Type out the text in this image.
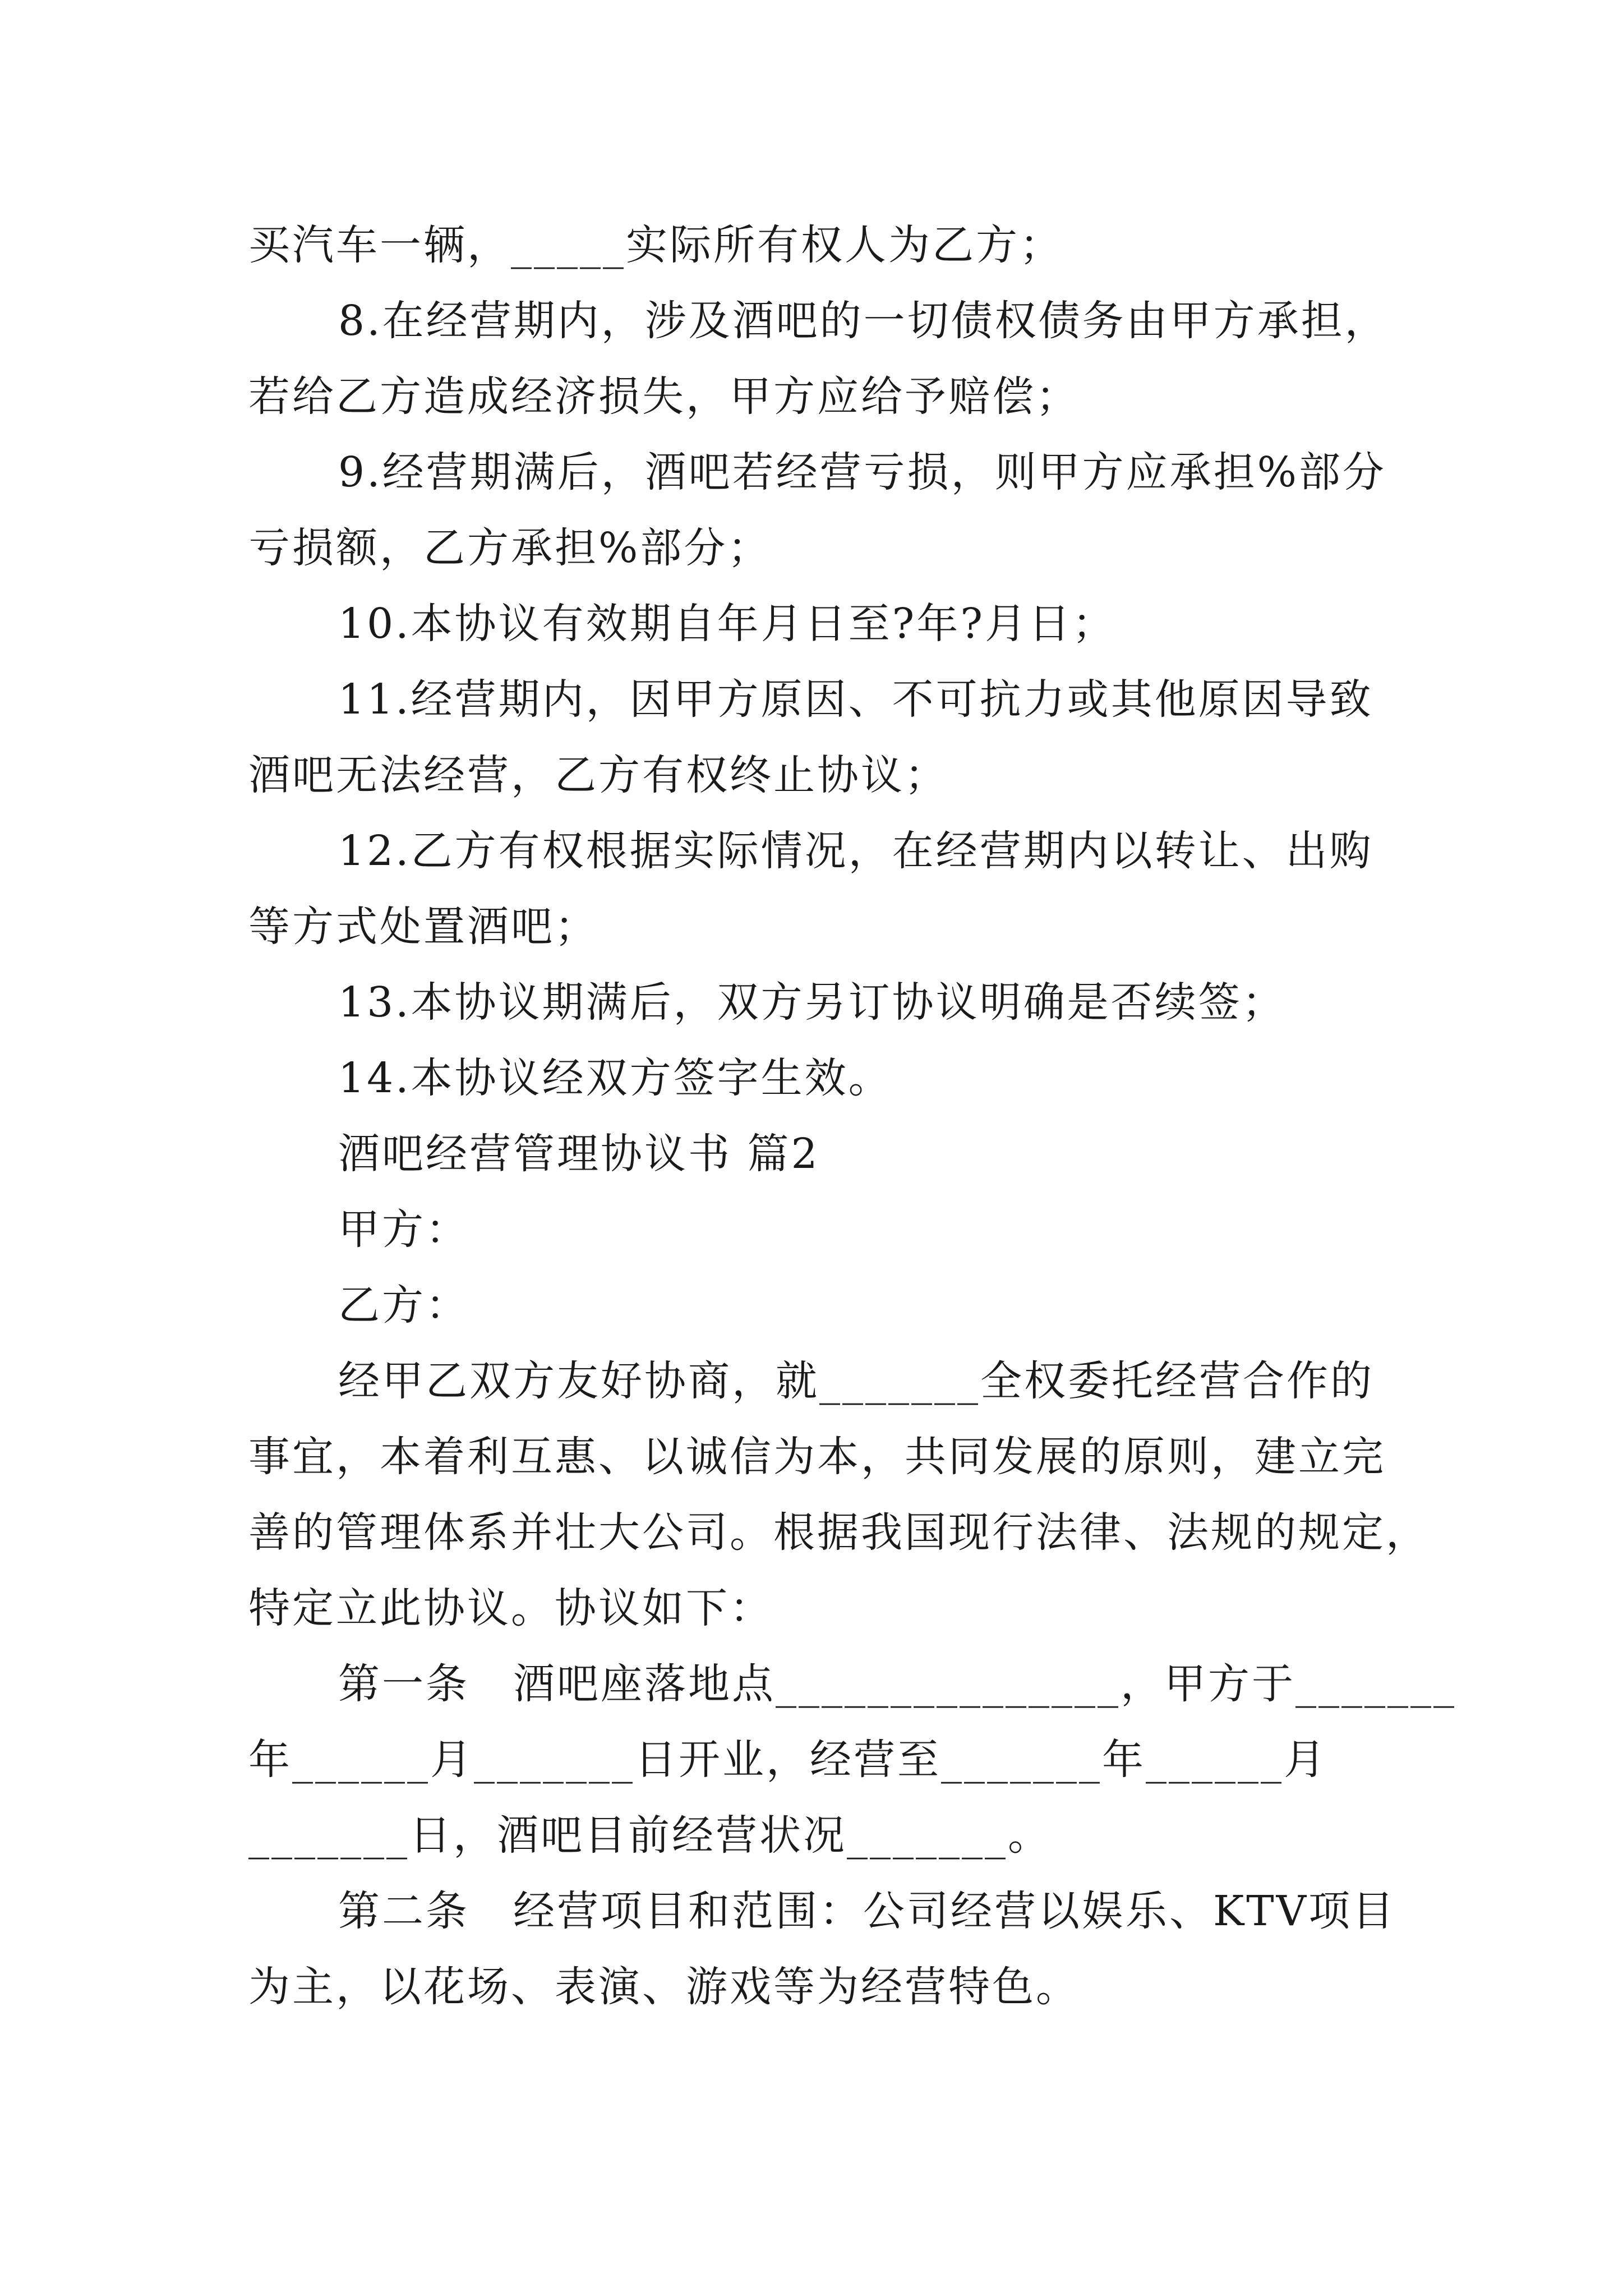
买汽车一辆，_____实际所有权人为乙方；
8.在经营期内，涉及酒吧的一切债权债务由甲方承担，
若给乙方造成经济损失，甲方应给予赔偿；
9.经营期满后，酒吧若经营亏损，则甲方应承担%部分
亏损额，乙方承担%部分；
10.本协议有效期自年月日至?年?月日；
11.经营期内，因甲方原因、不可抗力或其他原因导致
酒吧无法经营，乙方有权终止协议；
12.乙方有权根据实际情况，在经营期内以转让、出购
等方式处置酒吧；
13.本协议期满后，双方另订协议明确是否续签；
14.本协议经双方签字生效。
酒吧经营管理协议书 篇2
甲方：
乙方：
经甲乙双方友好协商，就_______全权委托经营合作的
事宜，本着利互惠、以诚信为本，共同发展的原则，建立完
善的管理体系并壮大公司。根据我国现行法律、法规的规定，
特定立此协议。协议如下：
第一条　酒吧座落地点_______________，甲方于_______
年______月_______日开业，经营至_______年______月
_______日，酒吧目前经营状况_______。
第二条　经营项目和范围：公司经营以娱乐、KTV项目
为主，以花场、表演、游戏等为经营特色。
